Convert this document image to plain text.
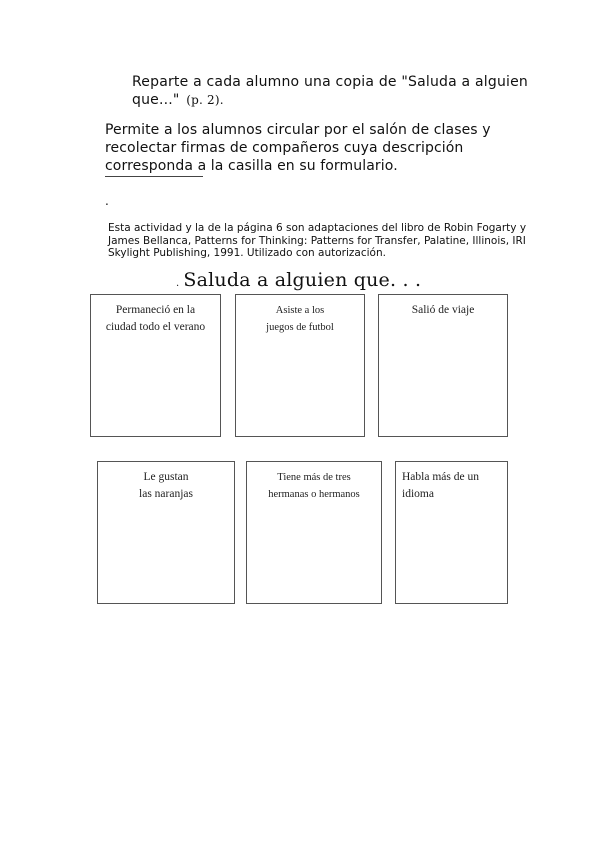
Reparte a cada alumno una copia de "Saluda a alguien que..." (p. 2).
Permite a los alumnos circular por el salón de clases y recolectar firmas de compañeros cuya descripción corresponda a la casilla en su formulario.
.
Esta actividad y la de la página 6 son adaptaciones del libro de Robin Fogarty y James Bellanca, Patterns for Thinking: Patterns for Transfer, Palatine, Illinois, IRI Skylight Publishing, 1991. Utilizado con autorización.
. Saluda a alguien que. . .
Permaneció en la
ciudad todo el verano
Asiste a los
juegos de futbol
Salió de viaje

Le gustan
las naranjas
Tiene más de tres
hermanas o hermanos
Habla más de un
idioma
